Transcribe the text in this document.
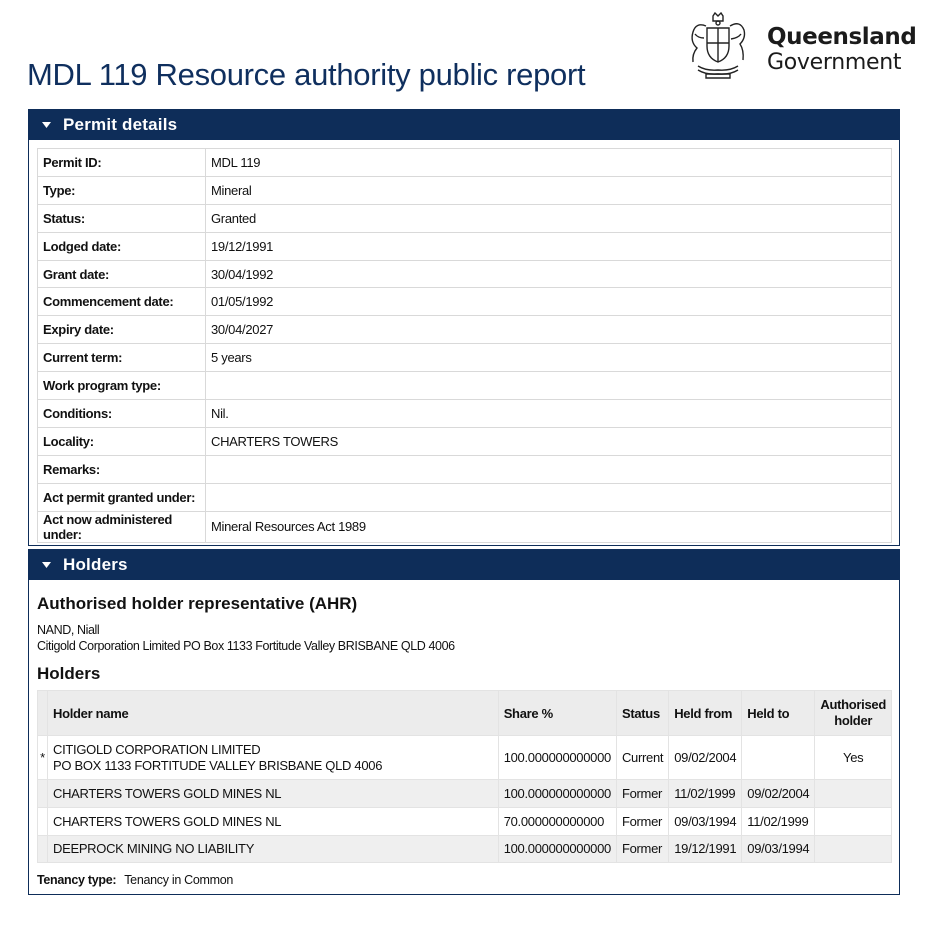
MDL 119 Resource authority public report
Queensland
Government
Permit details
Permit ID:	MDL 119
Type:	Mineral
Status:	Granted
Lodged date:	19/12/1991
Grant date:	30/04/1992
Commencement date:	01/05/1992
Expiry date:	30/04/2027
Current term:	5 years
Work program type:	
Conditions:	Nil.
Locality:	CHARTERS TOWERS
Remarks:	
Act permit granted under:	
Act now administered under:	Mineral Resources Act 1989
Holders
Authorised holder representative (AHR)
NAND, Niall
Citigold Corporation Limited PO Box 1133 Fortitude Valley BRISBANE QLD 4006
Holders
	Holder name	Share %	Status	Held from	Held to	Authorised holder
*	CITIGOLD CORPORATION LIMITED
PO BOX 1133 FORTITUDE VALLEY BRISBANE QLD 4006	100.000000000000	Current	09/02/2004		Yes

	CHARTERS TOWERS GOLD MINES NL	100.000000000000	Former	11/02/1999	09/02/2004	

	CHARTERS TOWERS GOLD MINES NL	70.000000000000	Former	09/03/1994	11/02/1999	

	DEEPROCK MINING NO LIABILITY	100.000000000000	Former	19/12/1991	09/03/1994	
Tenancy type: Tenancy in Common
